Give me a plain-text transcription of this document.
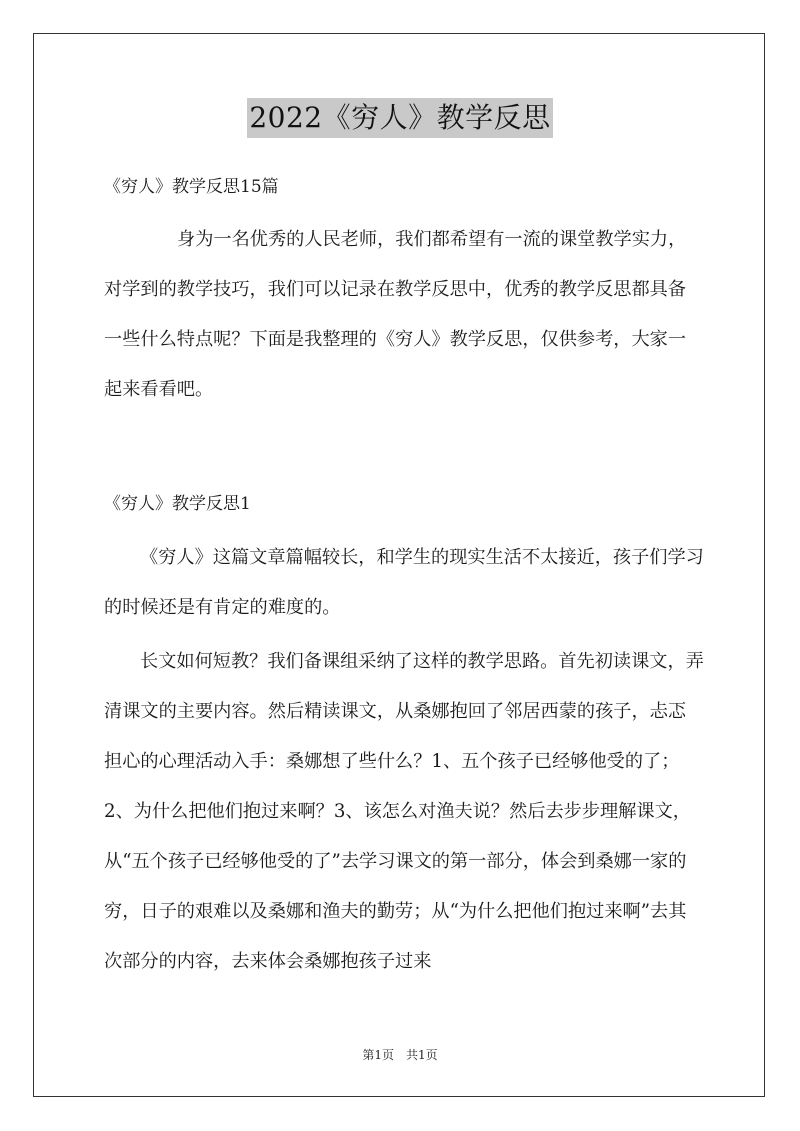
2022《穷人》教学反思
《穷人》教学反思15篇

身为一名优秀的人民老师，我们都希望有一流的课堂教学实力，对学到的教学技巧，我们可以记录在教学反思中，优秀的教学反思都具备一些什么特点呢？下面是我整理的《穷人》教学反思，仅供参考，大家一起来看看吧。

《穷人》教学反思1

《穷人》这篇文章篇幅较长，和学生的现实生活不太接近，孩子们学习的时候还是有肯定的难度的。

长文如何短教？我们备课组采纳了这样的教学思路。首先初读课文，弄清课文的主要内容。然后精读课文，从桑娜抱回了邻居西蒙的孩子，忐忑担心的心理活动入手：桑娜想了些什么？1、五个孩子已经够他受的了；2、为什么把他们抱过来啊？3、该怎么对渔夫说？然后去步步理解课文，从“五个孩子已经够他受的了”去学习课文的第一部分，体会到桑娜一家的穷，日子的艰难以及桑娜和渔夫的勤劳；从“为什么把他们抱过来啊”去其次部分的内容，去来体会桑娜抱孩子过来

第1页　共1页
